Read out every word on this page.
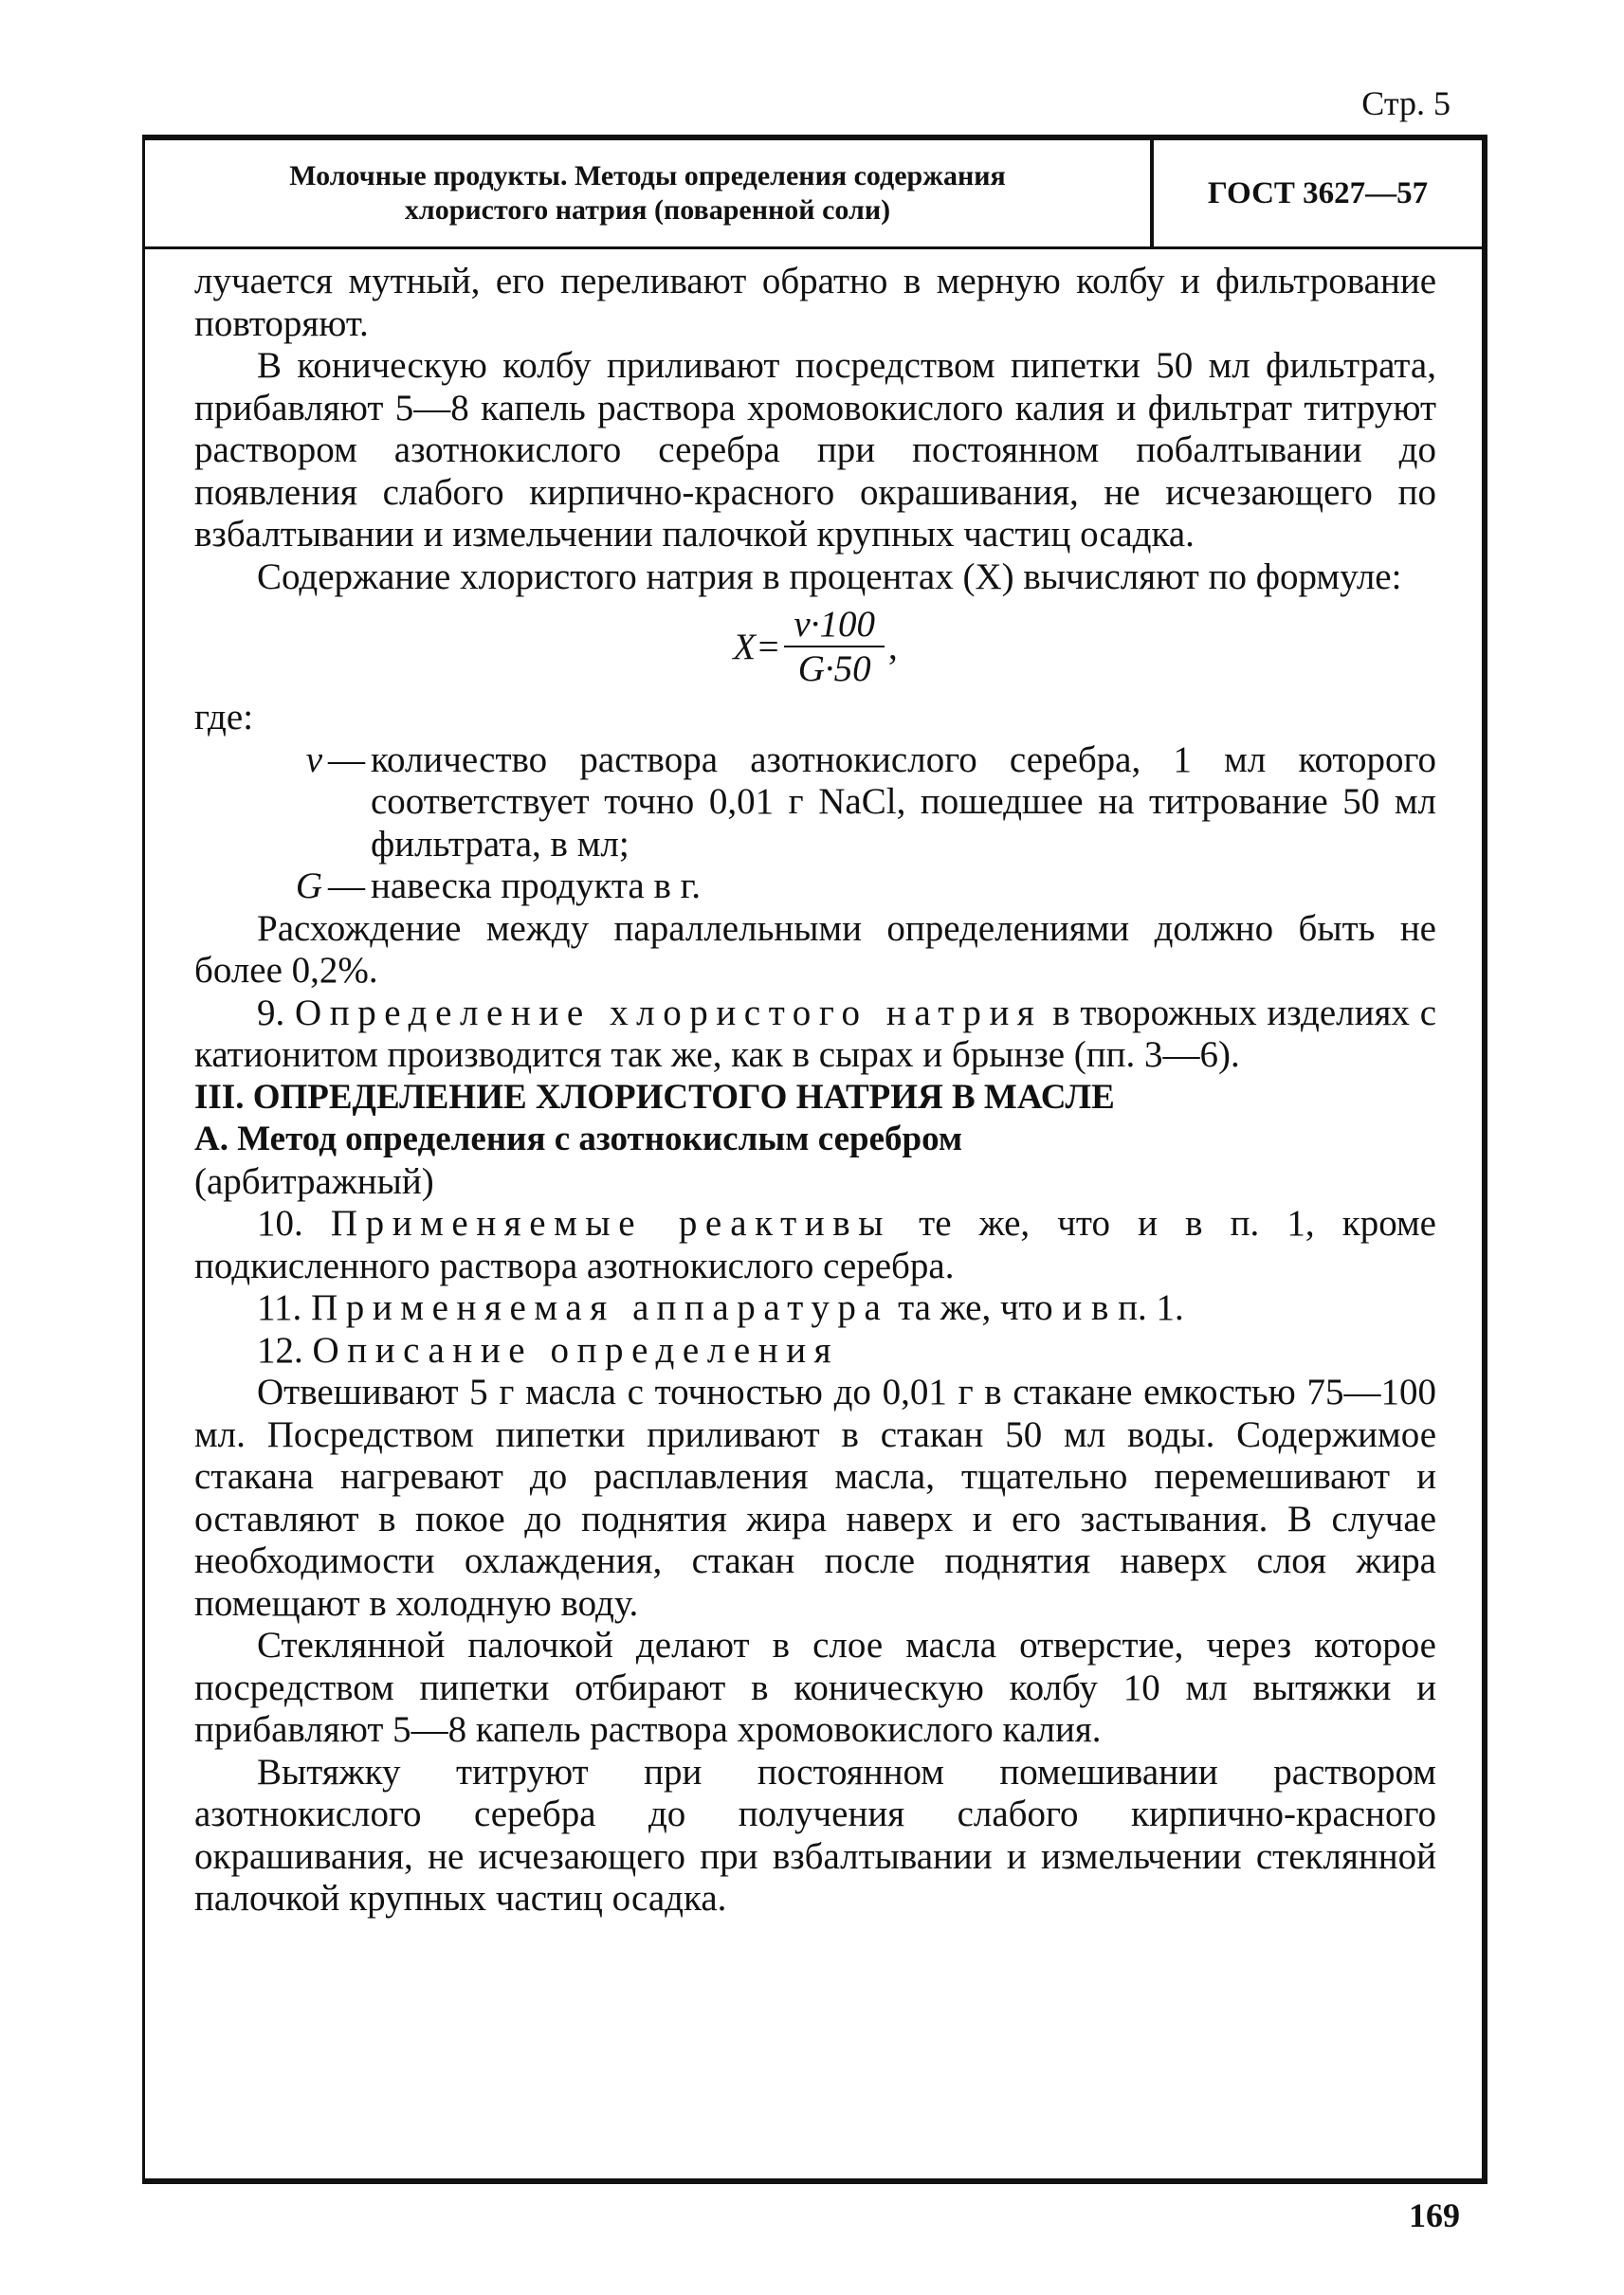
Стр. 5
Молочные продукты. Методы определения содержания
хлористого натрия (поваренной соли)	ГОСТ 3627—57

лучается мутный, его переливают обратно в мерную колбу и фильтрование повторяют.

В коническую колбу приливают посредством пипетки 50 мл фильтрата, прибавляют 5—8 капель раствора хромовокислого калия и фильтрат титруют раствором азотнокислого серебра при постоянном побалтывании до появления слабого кирпично-красного окрашивания, не исчезающего по взбалтывании и измельчении палочкой крупных частиц осадка.

Содержание хлористого натрия в процентах (X) вычисляют по формуле:

$X= \frac{v\cdot 100}{G\cdot 50}$ ,

где:

v — количество раствора азотнокислого серебра, 1 мл которого соответствует точно 0,01 г NaCl, пошедшее на титрование 50 мл фильтрата, в мл;
G — навеска продукта в г.

Расхождение между параллельными определениями должно быть не более 0,2%.

9. Определение хлористого натрия в творожных изделиях с катионитом производится так же, как в сырах и брынзе (пп. 3—6).

III. ОПРЕДЕЛЕНИЕ ХЛОРИСТОГО НАТРИЯ В МАСЛЕ

А. Метод определения с азотнокислым серебром

(арбитражный)

10. Применяемые реактивы те же, что и в п. 1, кроме подкисленного раствора азотнокислого серебра.

11. Применяемая аппаратура та же, что и в п. 1.

12. Описание определения

Отвешивают 5 г масла с точностью до 0,01 г в стакане емкостью 75—100 мл. Посредством пипетки приливают в стакан 50 мл воды. Содержимое стакана нагревают до расплавления масла, тщательно перемешивают и оставляют в покое до поднятия жира наверх и его застывания. В случае необходимости охлаждения, стакан после поднятия наверх слоя жира помещают в холодную воду.

Стеклянной палочкой делают в слое масла отверстие, через которое посредством пипетки отбирают в коническую колбу 10 мл вытяжки и прибавляют 5—8 капель раствора хромовокислого калия.

Вытяжку титруют при постоянном помешивании раствором азотнокислого серебра до получения слабого кирпично-красного окрашивания, не исчезающего при взбалтывании и измельчении стеклянной палочкой крупных частиц осадка.

169
